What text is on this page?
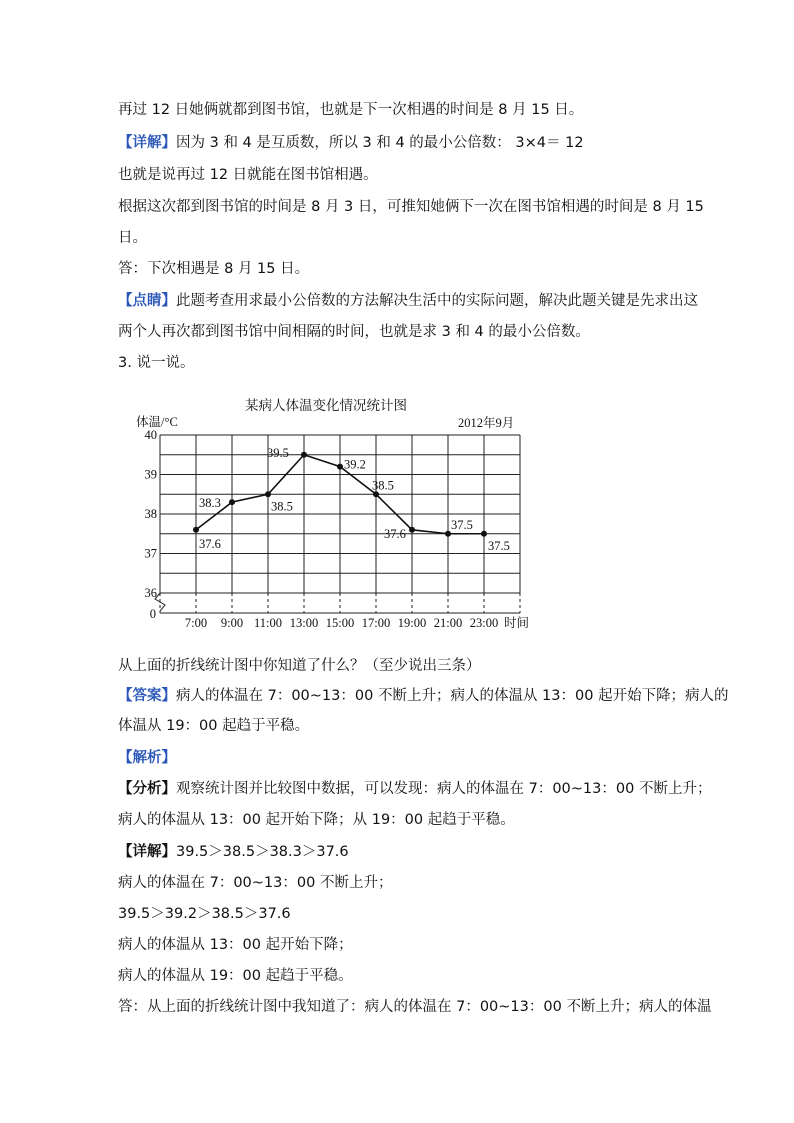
再过 12 日她俩就都到图书馆，也就是下一次相遇的时间是 8 月 15 日。
【详解】因为 3 和 4 是互质数，所以 3 和 4 的最小公倍数： 3×4＝ 12
也就是说再过 12 日就能在图书馆相遇。
根据这次都到图书馆的时间是 8 月 3 日，可推知她俩下一次在图书馆相遇的时间是 8 月 15
日。
答：下次相遇是 8 月 15 日。
【点睛】此题考查用求最小公倍数的方法解决生活中的实际问题，解决此题关键是先求出这
两个人再次都到图书馆中间相隔的时间，也就是求 3 和 4 的最小公倍数。
3. 说一说。
某病人体温变化情况统计图
2012年9月
体温/°C
0
时间
40
39
38
37
36
7:00 9:00 11:00 13:00 15:00 17:00 19:00 21:00 23:00
37.6
38.3	38.5
39.5
39.2
38.5
37.6
37.5
37.5
从上面的折线统计图中你知道了什么？（至少说出三条）
【答案】病人的体温在 7：00~13：00 不断上升；病人的体温从 13：00 起开始下降；病人的
体温从 19：00 起趋于平稳。
【解析】
【分析】观察统计图并比较图中数据，可以发现：病人的体温在 7：00~13：00 不断上升；
病人的体温从 13：00 起开始下降；从 19：00 起趋于平稳。
【详解】39.5＞38.5＞38.3＞37.6
病人的体温在 7：00~13：00 不断上升；
39.5＞39.2＞38.5＞37.6
病人的体温从 13：00 起开始下降；
病人的体温从 19：00 起趋于平稳。
答：从上面的折线统计图中我知道了：病人的体温在 7：00~13：00 不断上升；病人的体温
